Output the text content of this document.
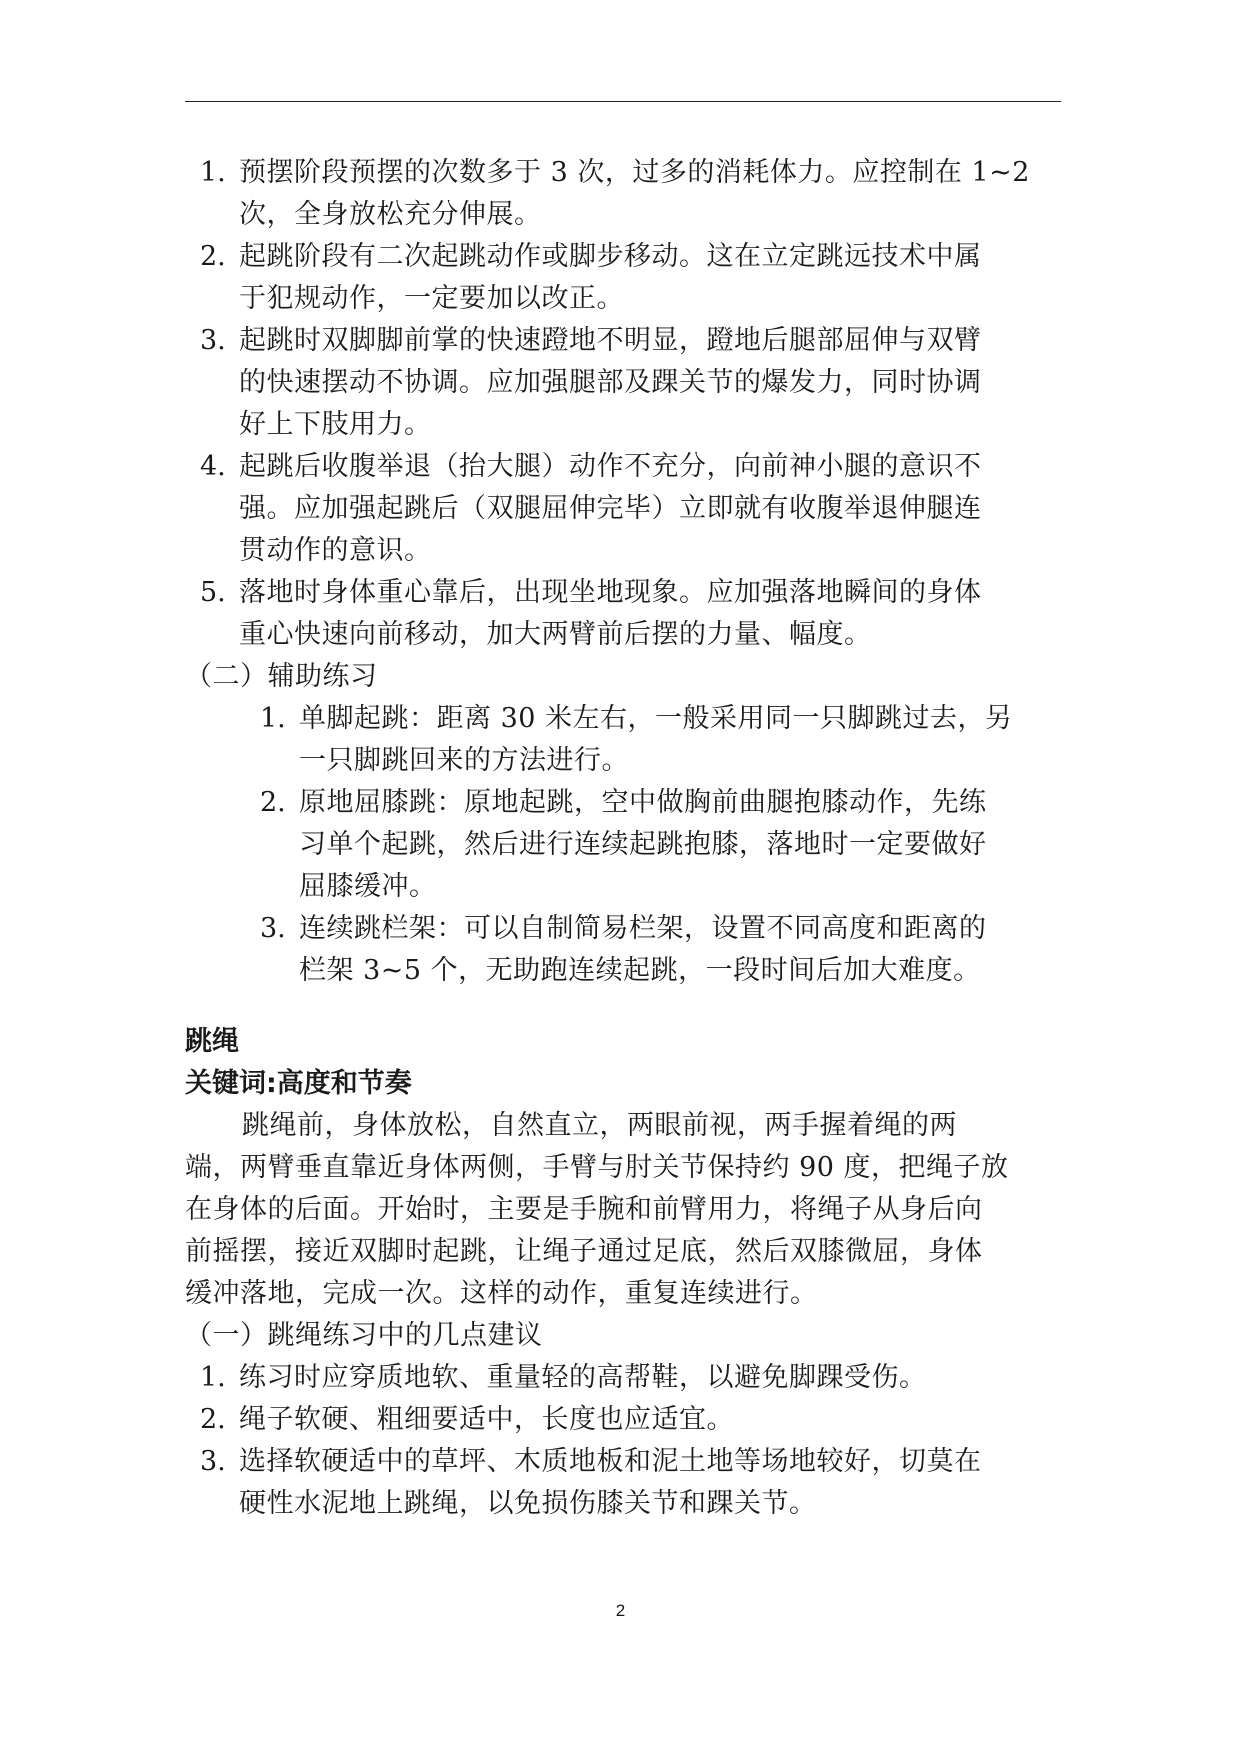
1. 预摆阶段预摆的次数多于 3 次，过多的消耗体力。应控制在 1~2
次，全身放松充分伸展。
2. 起跳阶段有二次起跳动作或脚步移动。这在立定跳远技术中属
于犯规动作，一定要加以改正。
3. 起跳时双脚脚前掌的快速蹬地不明显，蹬地后腿部屈伸与双臂
的快速摆动不协调。应加强腿部及踝关节的爆发力，同时协调
好上下肢用力。
4. 起跳后收腹举退（抬大腿）动作不充分，向前神小腿的意识不
强。应加强起跳后（双腿屈伸完毕）立即就有收腹举退伸腿连
贯动作的意识。
5. 落地时身体重心靠后，出现坐地现象。应加强落地瞬间的身体
重心快速向前移动，加大两臂前后摆的力量、幅度。
（二）辅助练习
1. 单脚起跳：距离 30 米左右，一般采用同一只脚跳过去，另
一只脚跳回来的方法进行。
2. 原地屈膝跳：原地起跳，空中做胸前曲腿抱膝动作，先练
习单个起跳，然后进行连续起跳抱膝，落地时一定要做好
屈膝缓冲。
3. 连续跳栏架：可以自制简易栏架，设置不同高度和距离的
栏架 3~5 个，无助跑连续起跳，一段时间后加大难度。
跳绳
关键词:高度和节奏
跳绳前，身体放松，自然直立，两眼前视，两手握着绳的两
端，两臂垂直靠近身体两侧，手臂与肘关节保持约 90 度，把绳子放
在身体的后面。开始时，主要是手腕和前臂用力，将绳子从身后向
前摇摆，接近双脚时起跳，让绳子通过足底，然后双膝微屈，身体
缓冲落地，完成一次。这样的动作，重复连续进行。
（一）跳绳练习中的几点建议
1. 练习时应穿质地软、重量轻的高帮鞋，以避免脚踝受伤。
2. 绳子软硬、粗细要适中，长度也应适宜。
3. 选择软硬适中的草坪、木质地板和泥土地等场地较好，切莫在
硬性水泥地上跳绳，以免损伤膝关节和踝关节。
2
